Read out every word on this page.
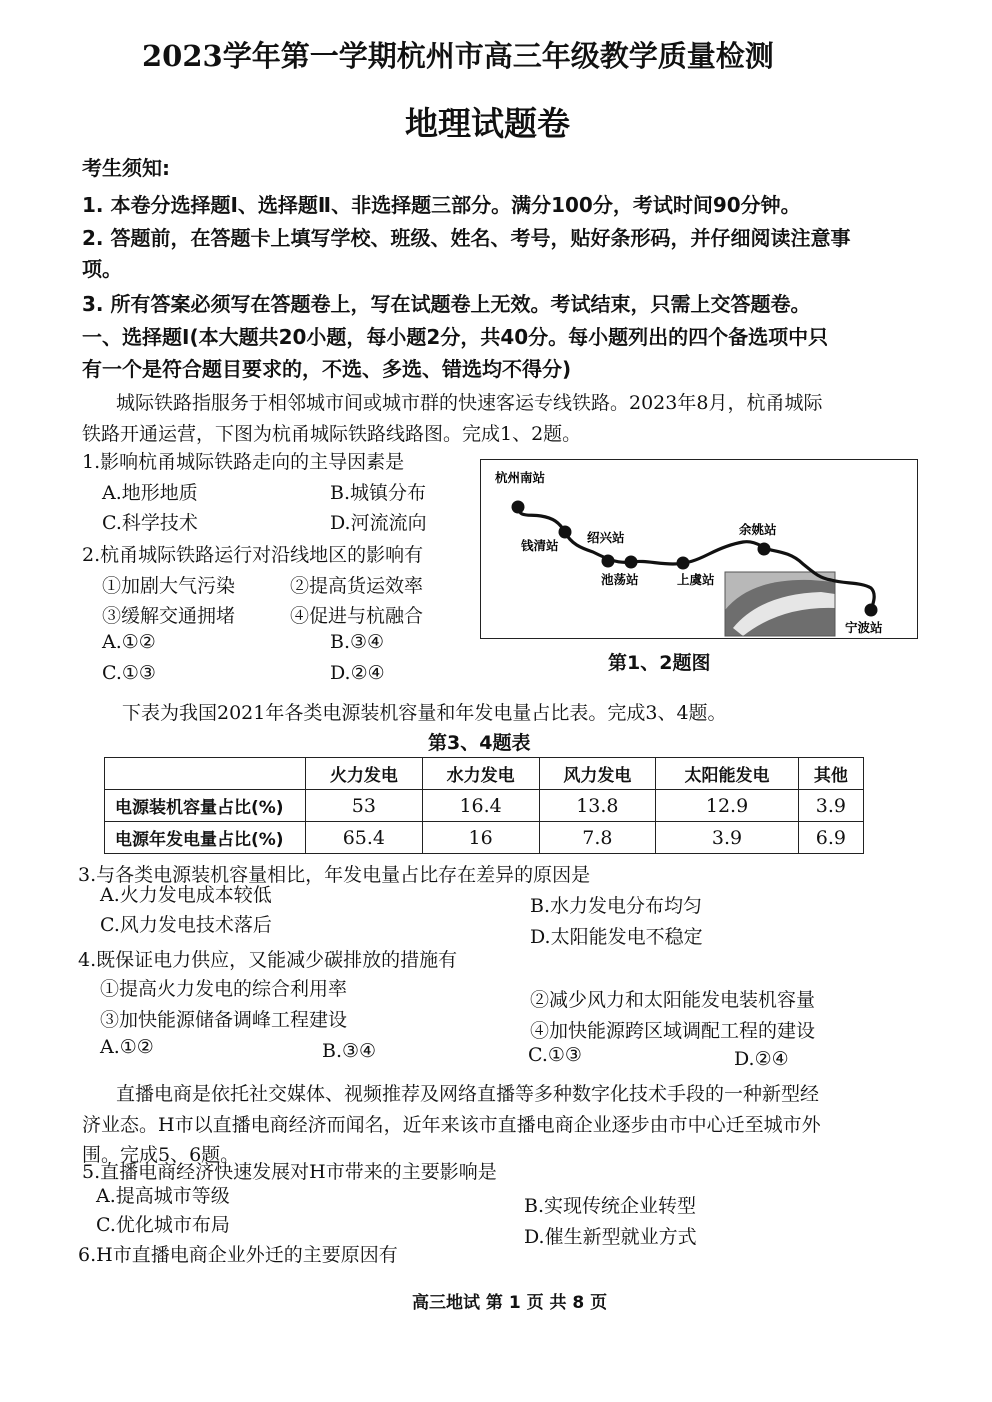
2023学年第一学期杭州市高三年级教学质量检测
地理试题卷
考生须知:
1. 本卷分选择题Ⅰ、选择题Ⅱ、非选择题三部分。满分100分，考试时间90分钟。
2. 答题前，在答题卡上填写学校、班级、姓名、考号，贴好条形码，并仔细阅读注意事
项。
3. 所有答案必须写在答题卷上，写在试题卷上无效。考试结束，只需上交答题卷。
一、选择题Ⅰ(本大题共20小题，每小题2分，共40分。每小题列出的四个备选项中只
有一个是符合题目要求的，不选、多选、错选均不得分)
城际铁路指服务于相邻城市间或城市群的快速客运专线铁路。2023年8月，杭甬城际
铁路开通运营，下图为杭甬城际铁路线路图。完成1、2题。
1.影响杭甬城际铁路走向的主导因素是
A.地形地质	B.城镇分布
C.科学技术	D.河流流向
2.杭甬城际铁路运行对沿线地区的影响有
①加剧大气污染	②提高货运效率
③缓解交通拥堵	④促进与杭融合
A.①②	B.③④
C.①③	D.②④
杭州南站
钱清站
绍兴站
池荡站	上虞站
余姚站
宁波站
第1、2题图
下表为我国2021年各类电源装机容量和年发电量占比表。完成3、4题。
第3、4题表
	火力发电	水力发电	风力发电	太阳能发电	其他
电源装机容量占比(%)	53	16.4	13.8	12.9	3.9
电源年发电量占比(%)	65.4	16	7.8	3.9	6.9
3.与各类电源装机容量相比，年发电量占比存在差异的原因是
A.火力发电成本较低	B.水力发电分布均匀
C.风力发电技术落后
D.太阳能发电不稳定
4.既保证电力供应，又能减少碳排放的措施有
①提高火力发电的综合利用率	②减少风力和太阳能发电装机容量
③加快能源储备调峰工程建设	④加快能源跨区域调配工程的建设
A.①②	B.③④	C.①③	D.②④
直播电商是依托社交媒体、视频推荐及网络直播等多种数字化技术手段的一种新型经
济业态。H市以直播电商经济而闻名，近年来该市直播电商企业逐步由市中心迁至城市外
围。完成5、6题。
5.直播电商经济快速发展对H市带来的主要影响是
A.提高城市等级	B.实现传统企业转型
C.优化城市布局
D.催生新型就业方式
6.H市直播电商企业外迁的主要原因有
高三地试 第 1 页 共 8 页
